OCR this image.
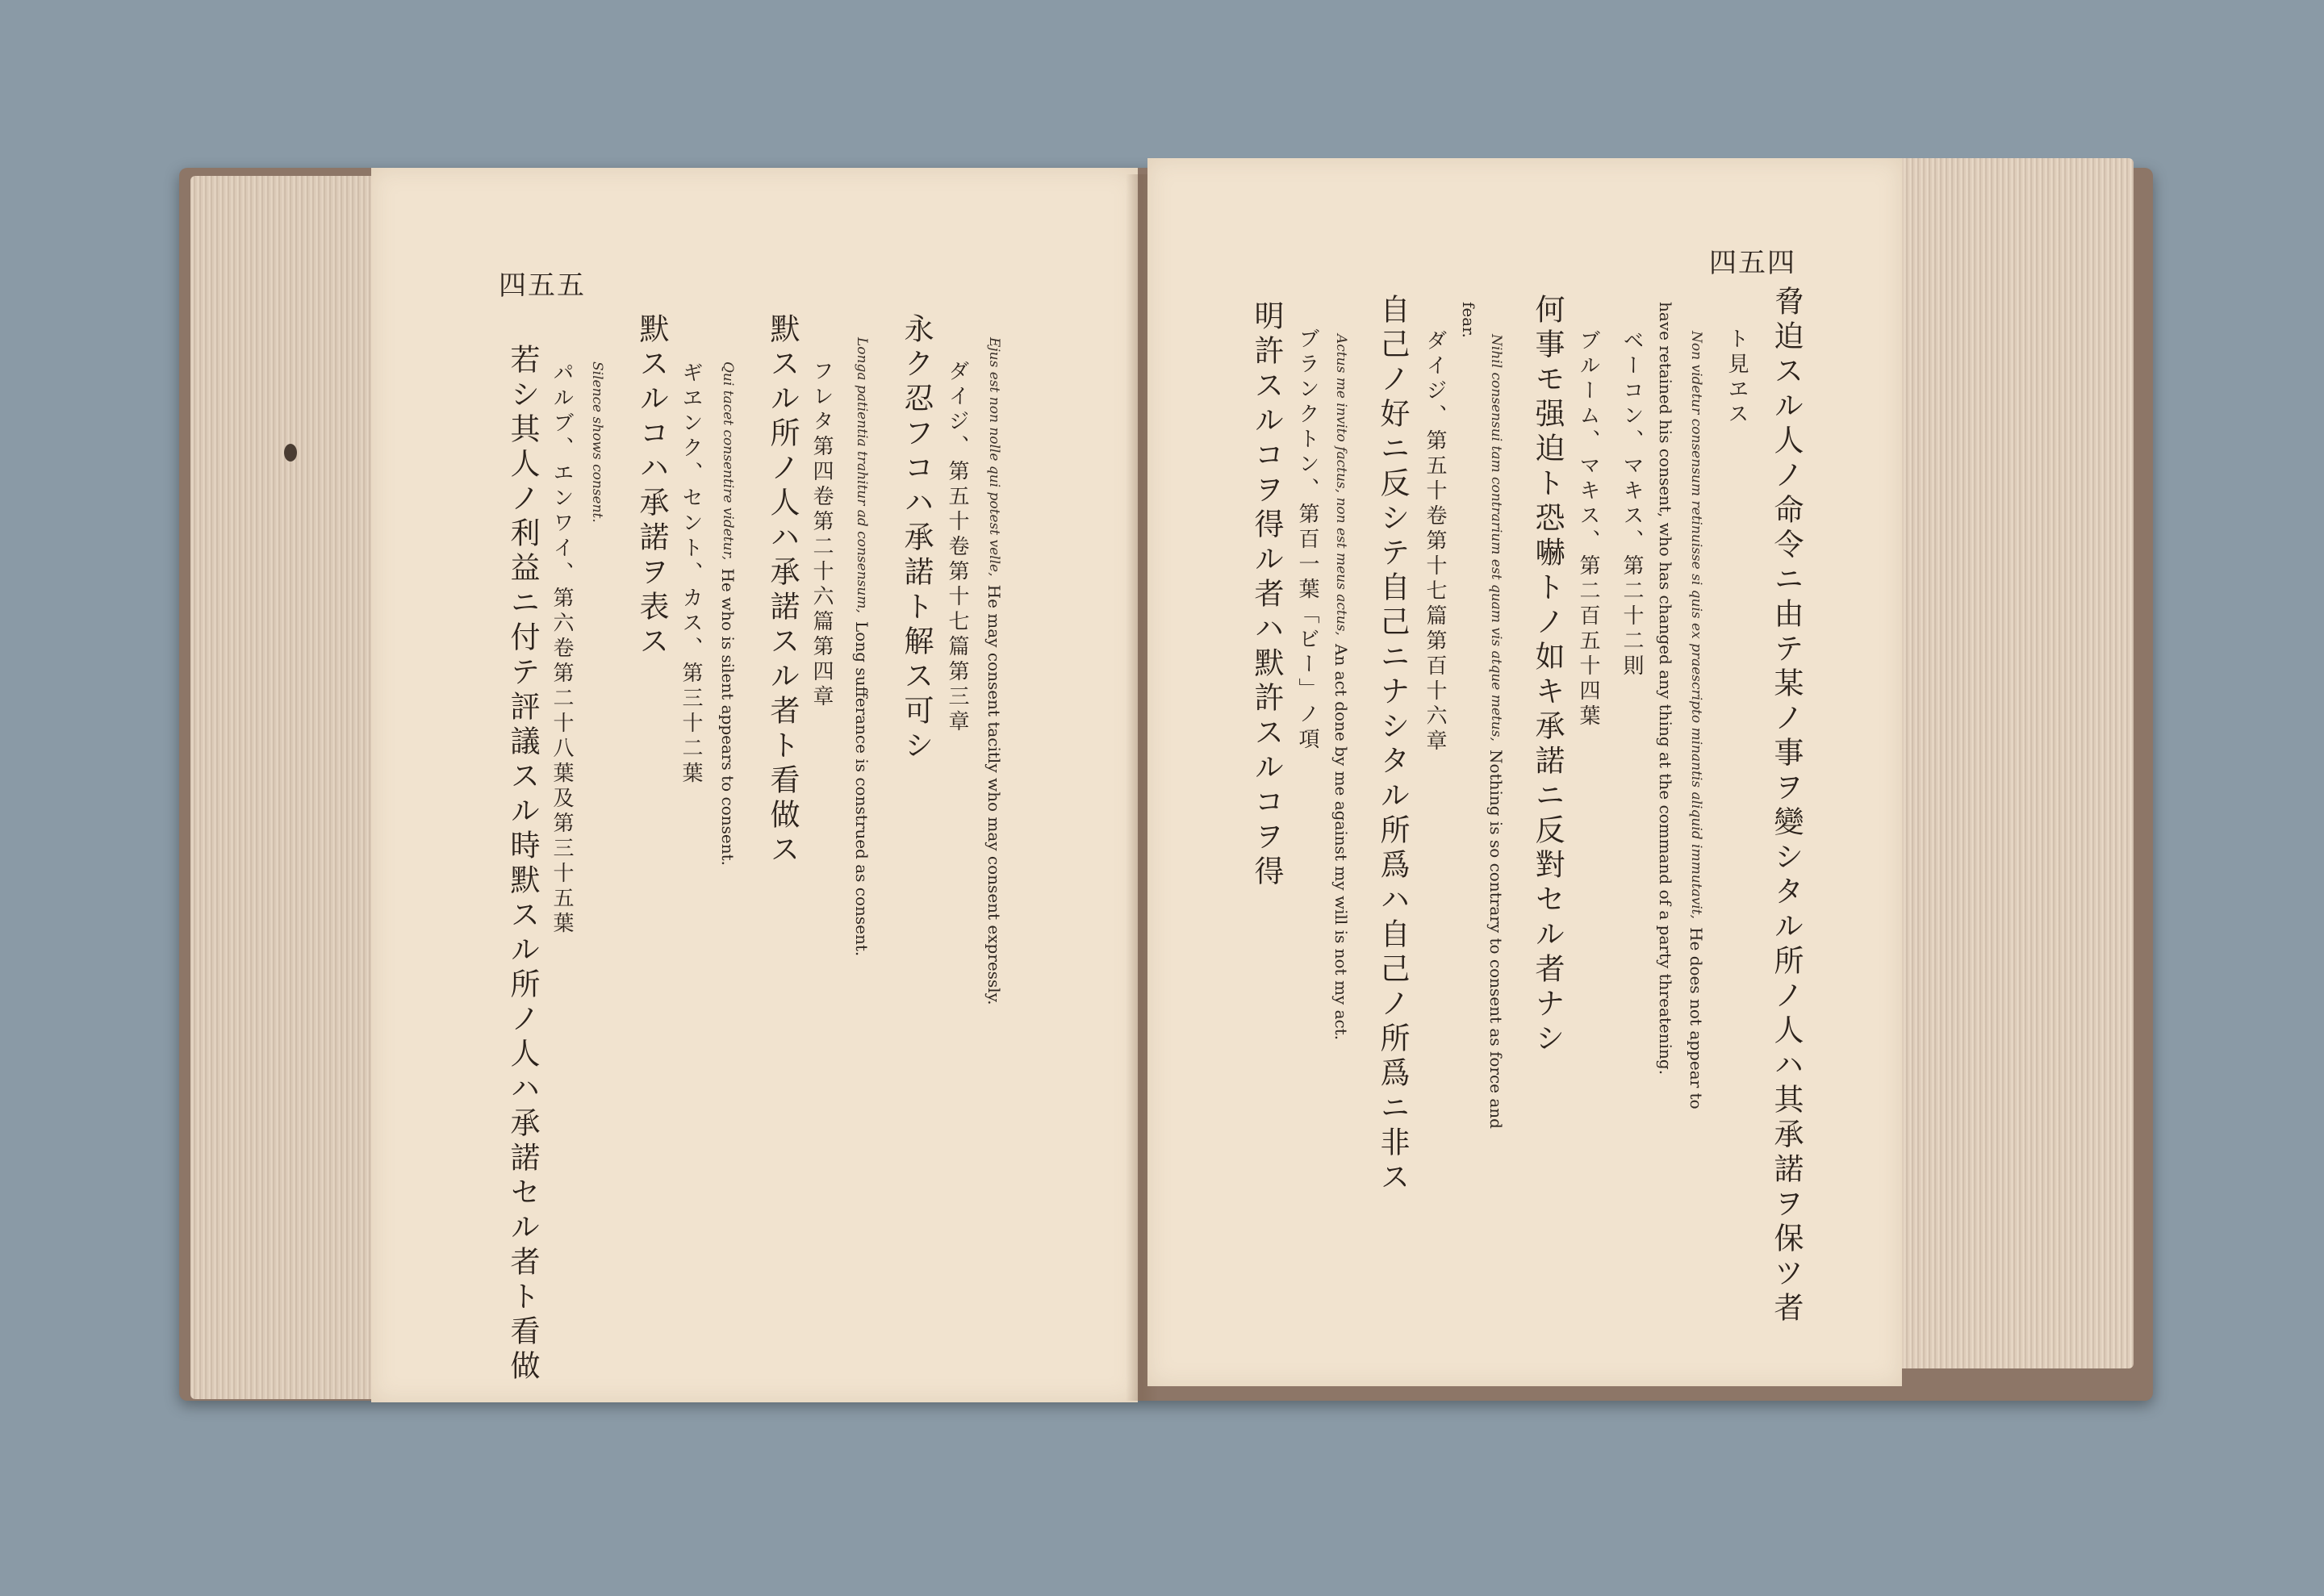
四五五
若シ其人ノ利益ニ付テ評議スル時默スル所ノ人ハ承諾セル者ト看做 パルブ、エンワイ、第六卷第二十八葉及第三十五葉 Silence shows consent. 默スルコハ承諾ヲ表ス ギヱンク、セント、カス、第三十二葉 Qui tacet consentire videtur,  He who is silent appears to consent. 默スル所ノ人ハ承諾スル者ト看做ス フレタ第四卷第二十六篇第四章 Longa patientia trahitur ad consensum,  Long sufferance is construed as consent.
永ク忍フコハ承諾ト解ス可シ ダイジ、第五十卷第十七篇第三章 Ejus est non nolle qui potest velle,  He may consent tacitly who may consent expressly.
四五四
脅迫スル人ノ命令ニ由テ某ノ事ヲ變シタル所ノ人ハ其承諾ヲ保ツ者
ト見ヱス
Non videtur consensum retinuisse si quis ex praescripto minantis aliquid immutavit,  He does not appear to
have retained his consent, who has changed any thing at the command of a party threatening.
ベーコン、マキス、第二十二則
ブルーム、マキス、第二百五十四葉
何事モ强迫ト恐嚇トノ如キ承諾ニ反對セル者ナシ
Nihil consensui tam contrarium est quam vis atque metus,  Nothing is so contrary to consent as force and
fear.
ダイジ、第五十卷第十七篇第百十六章
自己ノ好ニ反シテ自己ニナシタル所爲ハ自己ノ所爲ニ非ス
Actus me invito factus, non est meus actus,  An act done by me against my will is not my act.
ブランクトン、第百一葉「ビー」ノ項
明許スルコヲ得ル者ハ默許スルコヲ得
